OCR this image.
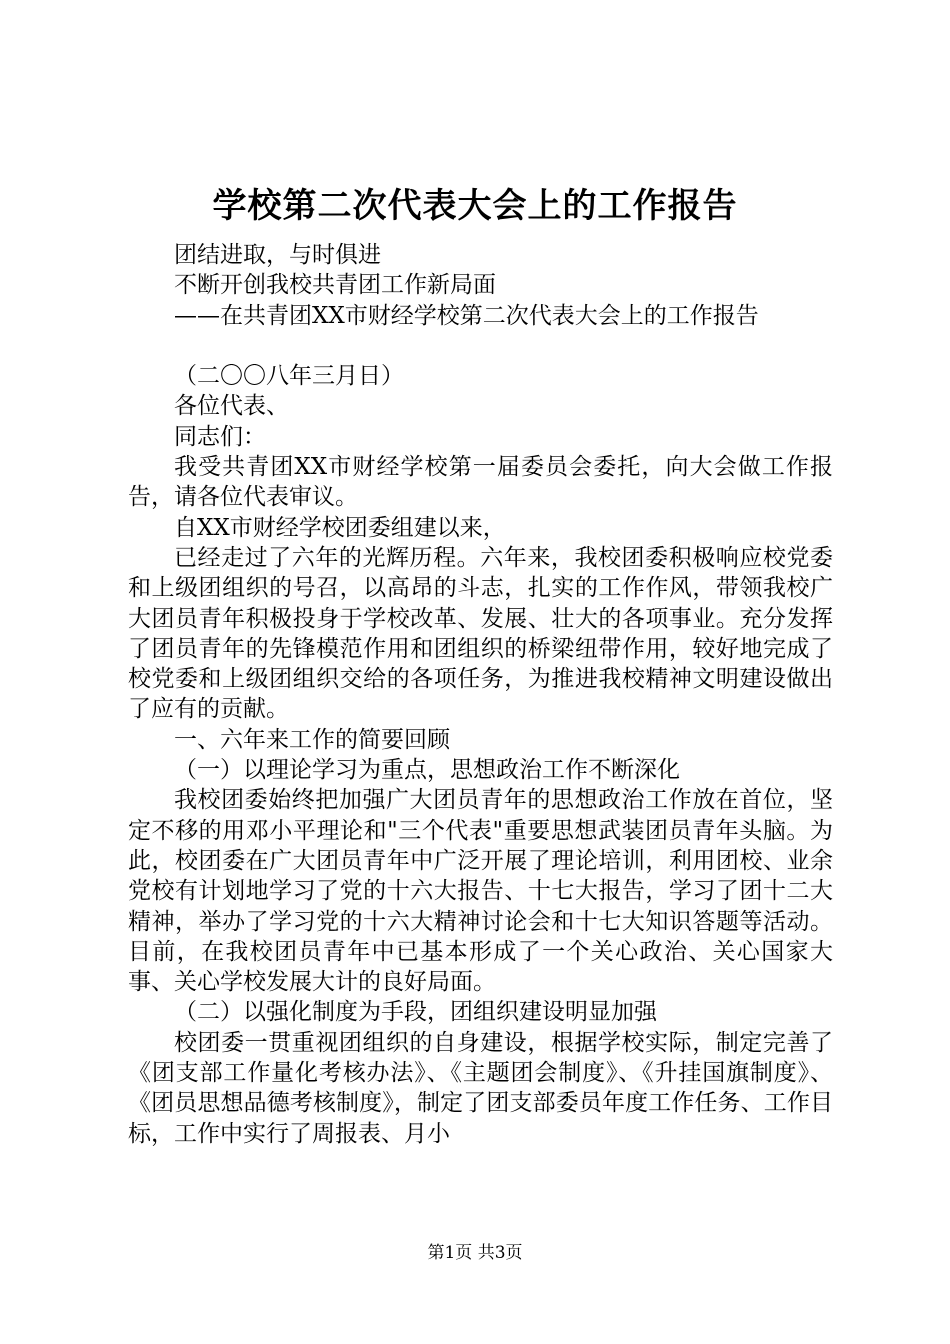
学校第二次代表大会上的工作报告

团结进取，与时俱进

不断开创我校共青团工作新局面

——在共青团XX市财经学校第二次代表大会上的工作报告

（二〇〇八年三月日）

各位代表、

同志们：

我受共青团XX市财经学校第一届委员会委托，向大会做工作报告，请各位代表审议。

自XX市财经学校团委组建以来，

已经走过了六年的光辉历程。六年来，我校团委积极响应校党委和上级团组织的号召，以高昂的斗志，扎实的工作作风，带领我校广大团员青年积极投身于学校改革、发展、壮大的各项事业。充分发挥了团员青年的先锋模范作用和团组织的桥梁纽带作用，较好地完成了校党委和上级团组织交给的各项任务，为推进我校精神文明建设做出了应有的贡献。

一、六年来工作的简要回顾

（一）以理论学习为重点，思想政治工作不断深化

我校团委始终把加强广大团员青年的思想政治工作放在首位，坚定不移的用邓小平理论和"三个代表"重要思想武装团员青年头脑。为此，校团委在广大团员青年中广泛开展了理论培训，利用团校、业余党校有计划地学习了党的十六大报告、十七大报告，学习了团十二大精神，举办了学习党的十六大精神讨论会和十七大知识答题等活动。目前，在我校团员青年中已基本形成了一个关心政治、关心国家大事、关心学校发展大计的良好局面。

（二）以强化制度为手段，团组织建设明显加强

校团委一贯重视团组织的自身建设，根据学校实际，制定完善了《团支部工作量化考核办法》、《主题团会制度》、《升挂国旗制度》、《团员思想品德考核制度》，制定了团支部委员年度工作任务、工作目标，工作中实行了周报表、月小

第1页 共3页
